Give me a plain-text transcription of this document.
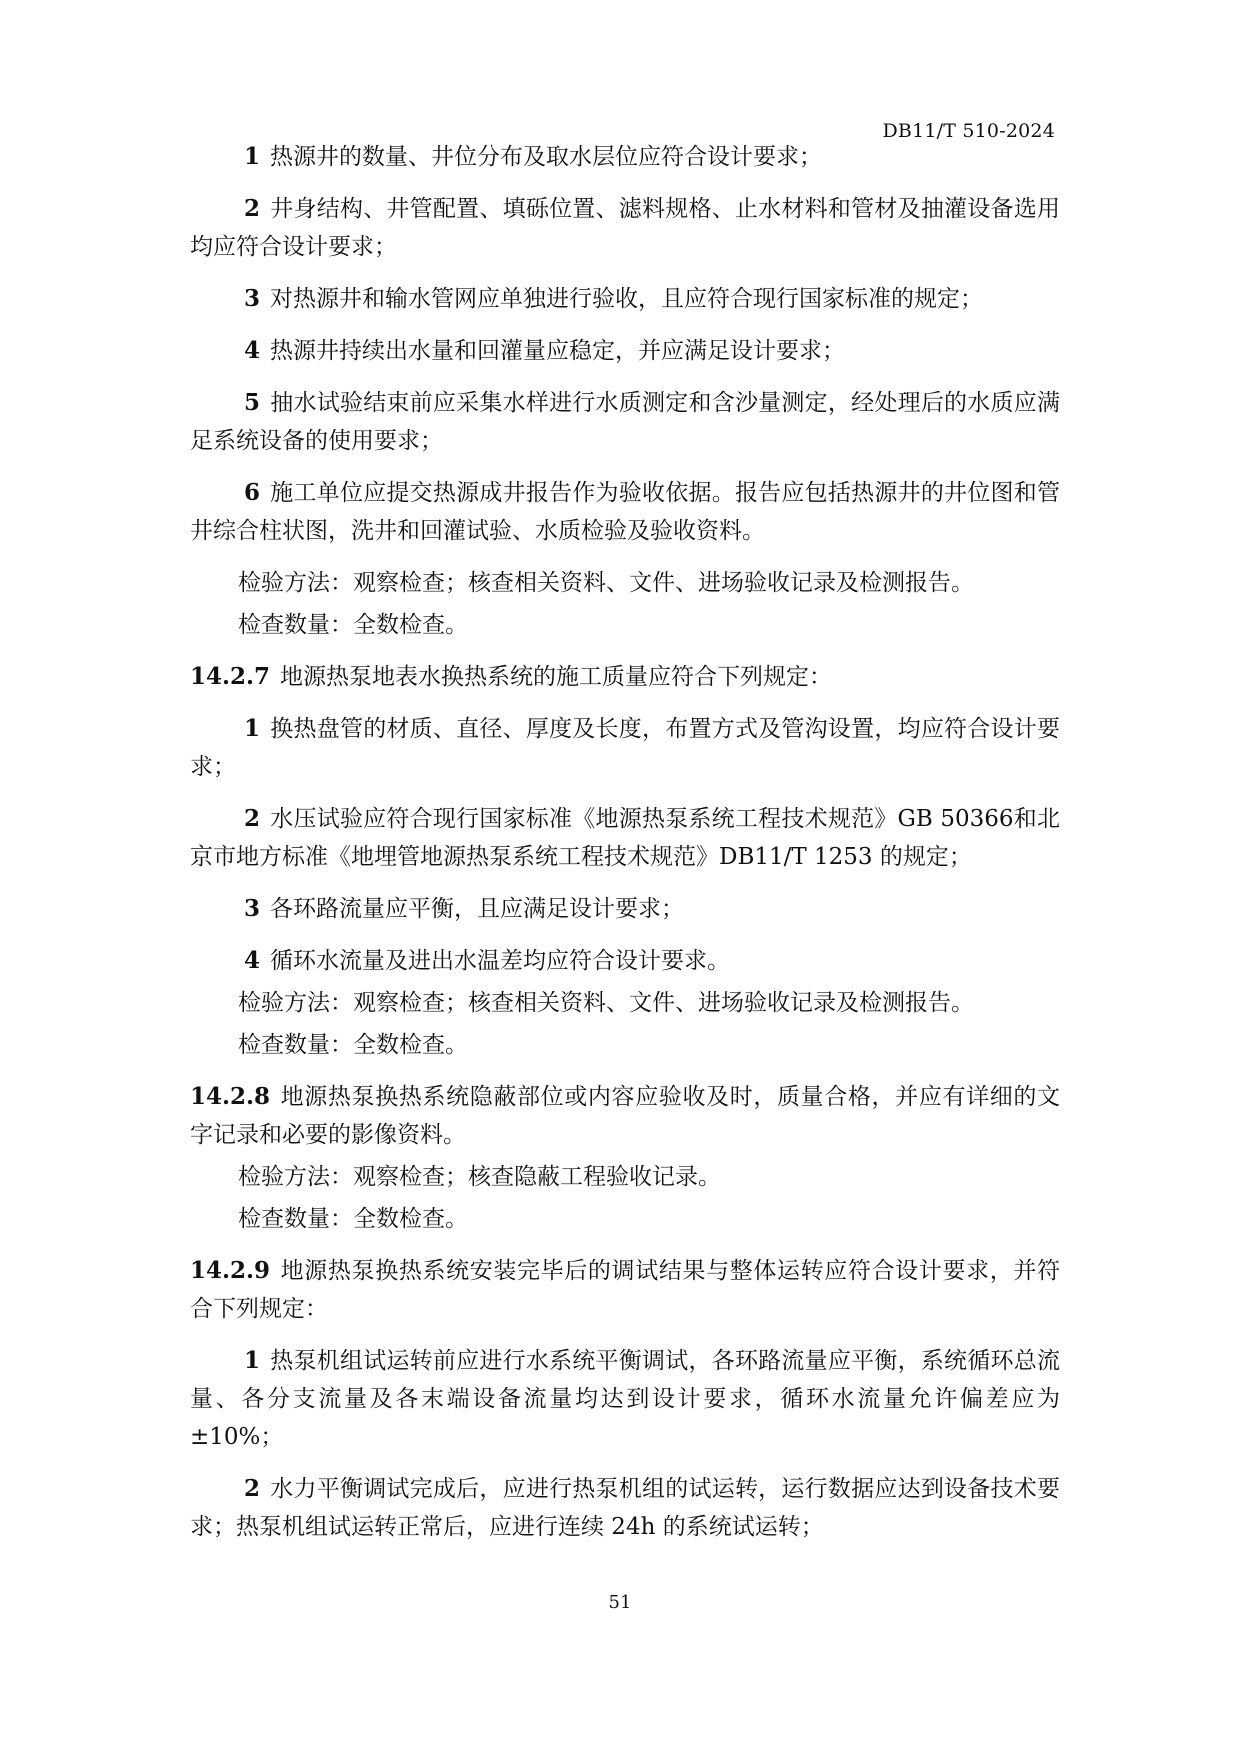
DB11/T 510-2024

1 热源井的数量、井位分布及取水层位应符合设计要求；

2 井身结构、井管配置、填砾位置、滤料规格、止水材料和管材及抽灌设备选用均应符合设计要求；

3 对热源井和输水管网应单独进行验收，且应符合现行国家标准的规定；

4 热源井持续出水量和回灌量应稳定，并应满足设计要求；

5 抽水试验结束前应采集水样进行水质测定和含沙量测定，经处理后的水质应满足系统设备的使用要求；

6 施工单位应提交热源成井报告作为验收依据。报告应包括热源井的井位图和管井综合柱状图，洗井和回灌试验、水质检验及验收资料。

检验方法：观察检查；核查相关资料、文件、进场验收记录及检测报告。

检查数量：全数检查。

14.2.7 地源热泵地表水换热系统的施工质量应符合下列规定：

1 换热盘管的材质、直径、厚度及长度，布置方式及管沟设置，均应符合设计要求；

2 水压试验应符合现行国家标准《地源热泵系统工程技术规范》GB 50366和北京市地方标准《地埋管地源热泵系统工程技术规范》DB11/T 1253 的规定；

3 各环路流量应平衡，且应满足设计要求；

4 循环水流量及进出水温差均应符合设计要求。

检验方法：观察检查；核查相关资料、文件、进场验收记录及检测报告。

检查数量：全数检查。

14.2.8 地源热泵换热系统隐蔽部位或内容应验收及时，质量合格，并应有详细的文字记录和必要的影像资料。

检验方法：观察检查；核查隐蔽工程验收记录。

检查数量：全数检查。

14.2.9 地源热泵换热系统安装完毕后的调试结果与整体运转应符合设计要求，并符合下列规定：

1 热泵机组试运转前应进行水系统平衡调试，各环路流量应平衡，系统循环总流量、各分支流量及各末端设备流量均达到设计要求，循环水流量允许偏差应为±10%；

2 水力平衡调试完成后，应进行热泵机组的试运转，运行数据应达到设备技术要求；热泵机组试运转正常后，应进行连续 24h 的系统试运转；

51
